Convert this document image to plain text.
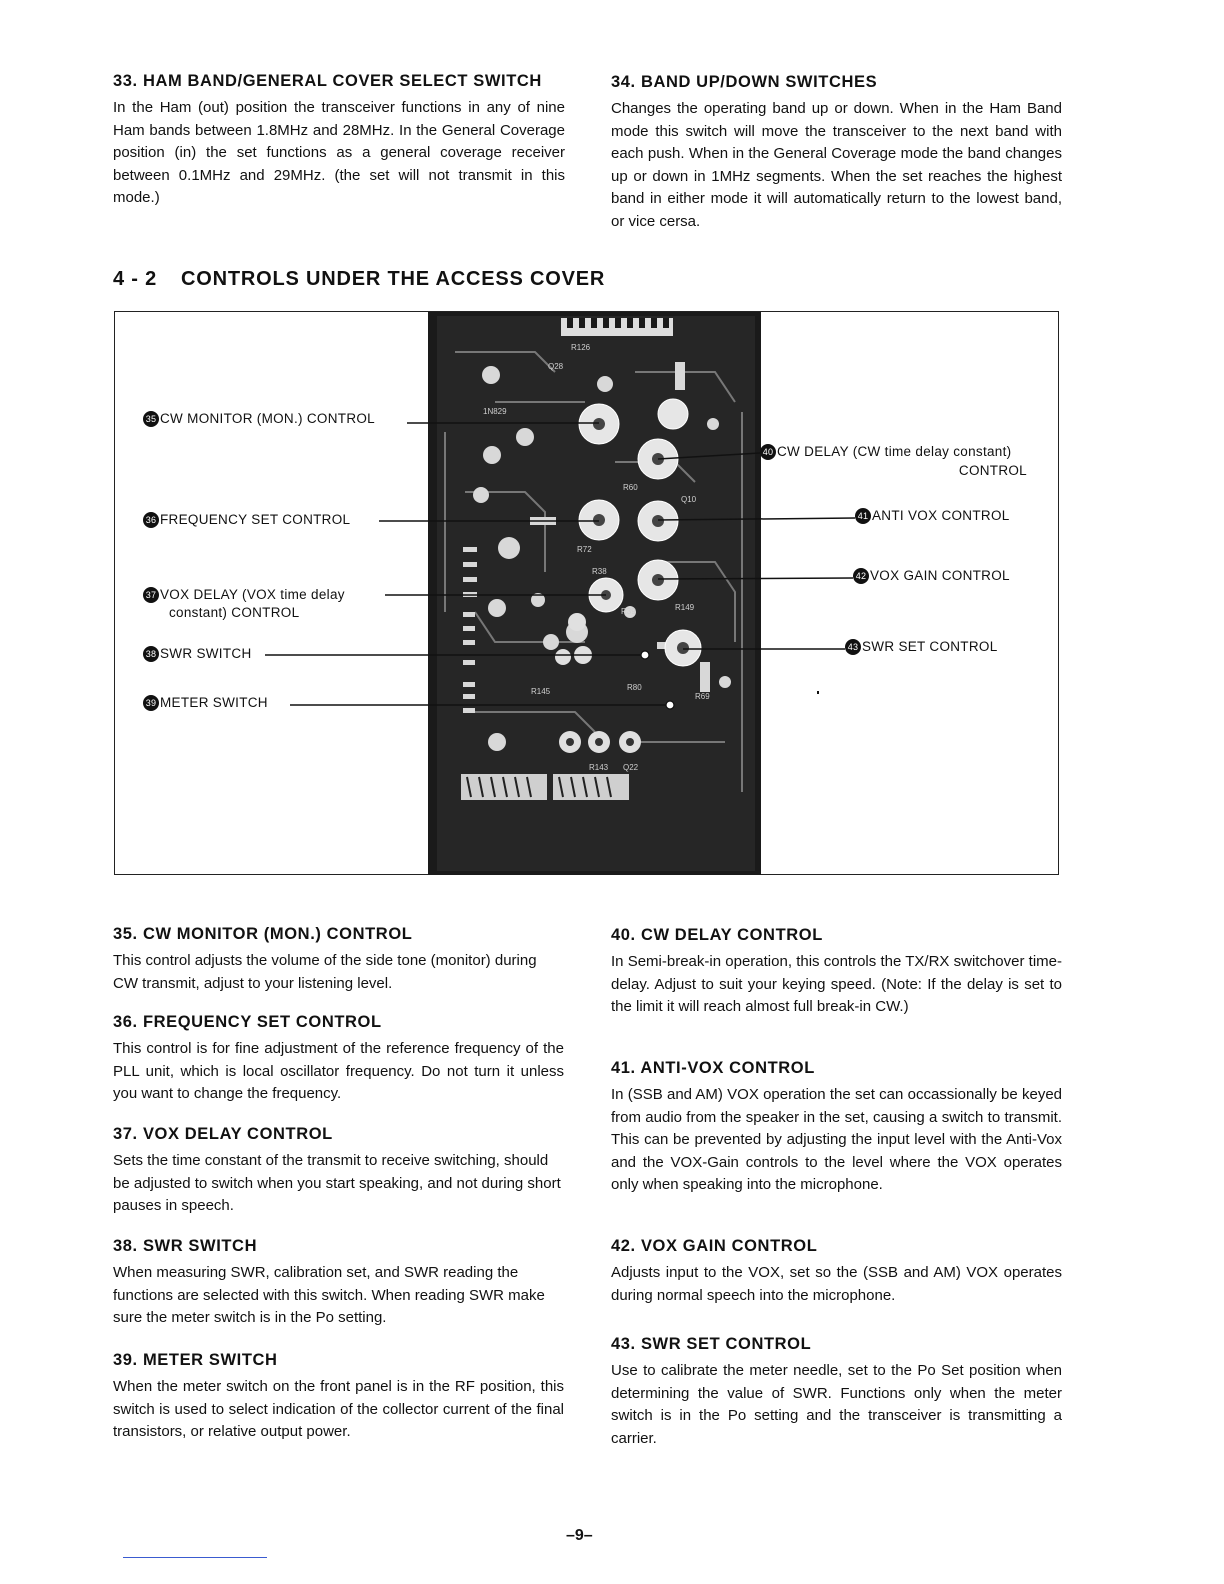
33. HAM BAND/GENERAL COVER SELECT SWITCH

In the Ham (out) position the transceiver functions in any of nine Ham bands between 1.8MHz and 28MHz. In the General Coverage position (in) the set functions as a general coverage receiver between 0.1MHz and 29MHz. (the set will not transmit in this mode.)

34. BAND UP/DOWN SWITCHES

Changes the operating band up or down. When in the Ham Band mode this switch will move the transceiver to the next band with each push. When in the General Coverage mode the band changes up or down in 1MHz segments. When the set reaches the highest band in either mode it will automatically return to the lowest band, or vice cersa.

4 - 2 CONTROLS UNDER THE ACCESS COVER
R126
Q28
1N829
R60
Q10
R72
R38
R39	R149
R145	R80
R69
Q22
R143
35 CW MONITOR (MON.) CONTROL
36 FREQUENCY SET CONTROL
37 VOX DELAY (VOX time delay
constant) CONTROL
38 SWR SWITCH
39 METER SWITCH
40 CW DELAY (CW time delay constant)
CONTROL
41 ANTI VOX CONTROL
42 VOX GAIN CONTROL
43 SWR SET CONTROL
35. CW MONITOR (MON.) CONTROL

This control adjusts the volume of the side tone (monitor) during CW transmit, adjust to your listening level.

36. FREQUENCY SET CONTROL

This control is for fine adjustment of the reference frequency of the PLL unit, which is local oscillator frequency. Do not turn it unless you want to change the frequency.

37. VOX DELAY CONTROL

Sets the time constant of the transmit to receive switching, should be adjusted to switch when you start speaking, and not during short pauses in speech.

38. SWR SWITCH

When measuring SWR, calibration set, and SWR reading the functions are selected with this switch. When reading SWR make sure the meter switch is in the Po setting.

39. METER SWITCH

When the meter switch on the front panel is in the RF position, this switch is used to select indication of the collector current of the final transistors, or relative output power.

40. CW DELAY CONTROL

In Semi-break-in operation, this controls the TX/RX switchover time-delay. Adjust to suit your keying speed. (Note: If the delay is set to the limit it will reach almost full break-in CW.)

41. ANTI-VOX CONTROL

In (SSB and AM) VOX operation the set can occassionally be keyed from audio from the speaker in the set, causing a switch to transmit. This can be prevented by adjusting the input level with the Anti-Vox and the VOX-Gain controls to the level where the VOX operates only when speaking into the microphone.

42. VOX GAIN CONTROL

Adjusts input to the VOX, set so the (SSB and AM) VOX operates during normal speech into the microphone.

43. SWR SET CONTROL

Use to calibrate the meter needle, set to the Po Set position when determining the value of SWR. Functions only when the meter switch is in the Po setting and the transceiver is transmitting a carrier.

–9–
